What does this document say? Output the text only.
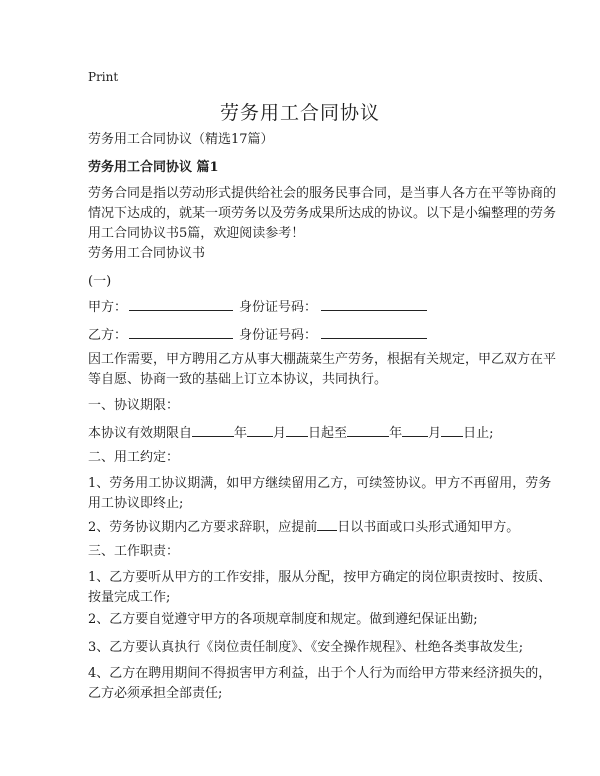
Print
劳务用工合同协议
劳务用工合同协议（精选17篇）
劳务用工合同协议 篇1
劳务合同是指以劳动形式提供给社会的服务民事合同，是当事人各方在平等协商的
情况下达成的，就某一项劳务以及劳务成果所达成的协议。以下是小编整理的劳务
用工合同协议书5篇，欢迎阅读参考！
劳务用工合同协议书
(一)
甲方：	身份证号码：
乙方：	身份证号码：
因工作需要，甲方聘用乙方从事大棚蔬菜生产劳务，根据有关规定，甲乙双方在平
等自愿、协商一致的基础上订立本协议，共同执行。
一、协议期限：
本协议有效期限自	年 月 日起至	年 月 日止;
二、用工约定：
1、劳务用工协议期满，如甲方继续留用乙方，可续签协议。甲方不再留用，劳务
用工协议即终止;
2、劳务协议期内乙方要求辞职，应提前 日以书面或口头形式通知甲方。
三、工作职责：
1、乙方要听从甲方的工作安排，服从分配，按甲方确定的岗位职责按时、按质、
按量完成工作;
2、乙方要自觉遵守甲方的各项规章制度和规定。做到遵纪保证出勤;
3、乙方要认真执行《岗位责任制度》、《安全操作规程》、杜绝各类事故发生;
4、乙方在聘用期间不得损害甲方利益，出于个人行为而给甲方带来经济损失的，
乙方必须承担全部责任;
